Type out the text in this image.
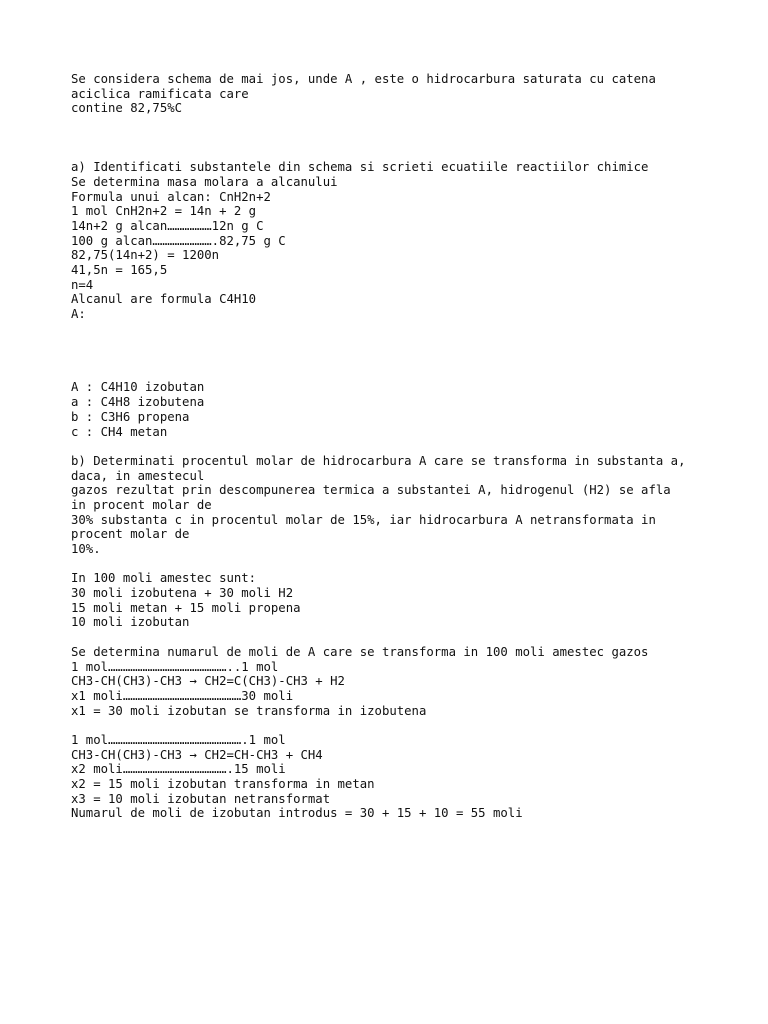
Se considera schema de mai jos, unde A , este o hidrocarbura saturata cu catena
aciclica ramificata care
contine 82,75%C
a) Identificati substantele din schema si scrieti ecuatiile reactiilor chimice
Se determina masa molara a alcanului
Formula unui alcan: CnH2n+2
1 mol CnH2n+2 = 14n + 2 g
14n+2 g alcan………………12n g C
100 g alcan…………………….82,75 g C
82,75(14n+2) = 1200n
41,5n = 165,5
n=4
Alcanul are formula C4H10
A:
A : C4H10 izobutan
a : C4H8 izobutena
b : C3H6 propena
c : CH4 metan
b) Determinati procentul molar de hidrocarbura A care se transforma in substanta a,
daca, in amestecul
gazos rezultat prin descompunerea termica a substantei A, hidrogenul (H2) se afla
in procent molar de
30% substanta c in procentul molar de 15%, iar hidrocarbura A netransformata in
procent molar de
10%.
In 100 moli amestec sunt:
30 moli izobutena + 30 moli H2
15 moli metan + 15 moli propena
10 moli izobutan
Se determina numarul de moli de A care se transforma in 100 moli amestec gazos
1 mol…………………………………………..1 mol
CH3-CH(CH3)-CH3 → CH2=C(CH3)-CH3 + H2
x1 moli…………………………………………30 moli
x1 = 30 moli izobutan se transforma in izobutena
1 mol……………………………………………….1 mol
CH3-CH(CH3)-CH3 → CH2=CH-CH3 + CH4
x2 moli…………………………………….15 moli
x2 = 15 moli izobutan transforma in metan
x3 = 10 moli izobutan netransformat
Numarul de moli de izobutan introdus = 30 + 15 + 10 = 55 moli
